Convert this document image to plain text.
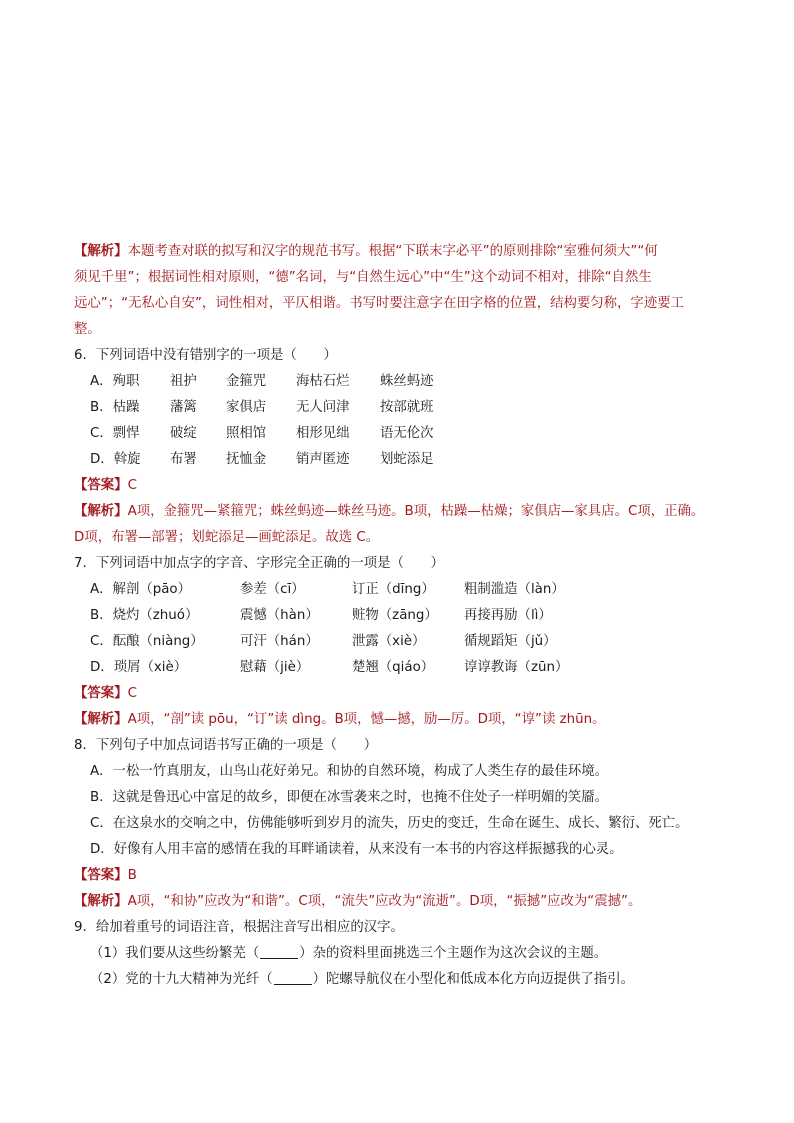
【解析】本题考查对联的拟写和汉字的规范书写。根据“下联末字必平”的原则排除“室雅何须大”“何
须见千里”；根据词性相对原则，“德”名词，与“自然生远心”中“生”这个动词不相对，排除“自然生
远心”；“无私心自安”，词性相对，平仄相谐。书写时要注意字在田字格的位置，结构要匀称，字迹要工
整。
6．下列词语中没有错别字的一项是（　　）
A．殉职 祖护 金箍咒 海枯石烂 蛛丝蚂迹
B．枯躁 藩篱 家俱店 无人问津 按部就班
C．剽悍 破绽 照相馆 相形见绌 语无伦次
D．斡旋 布署 抚恤金 销声匿迹 划蛇添足
【答案】C
【解析】A项，金箍咒—紧箍咒；蛛丝蚂迹—蛛丝马迹。B项，枯躁—枯燥；家俱店—家具店。C项，正确。
D项，布署—部署；划蛇添足—画蛇添足。故选 C。
7．下列词语中加点字的字音、字形完全正确的一项是（　　）
A．解剖（pāo）	参差（cī）	订正（dīng） 粗制滥造（làn）
B．烧灼（zhuó）	震憾（hàn） 赃物（zāng） 再接再励（lì）
C．酝酿（niàng）	可汗（hán） 泄露（xiè）	循规蹈矩（jǔ）
D．琐屑（xiè）	慰藉（jiè）	楚翘（qiáo） 谆谆教诲（zūn）
【答案】C
【解析】A项，“剖”读 pōu，“订”读 dìng。B项，憾—撼，励—厉。D项，“谆”读 zhūn。
8．下列句子中加点词语书写正确的一项是（　　）
A．一松一竹真朋友，山鸟山花好弟兄。和协的自然环境，构成了人类生存的最佳环境。
B．这就是鲁迅心中富足的故乡，即便在冰雪袭来之时，也掩不住处子一样明媚的笑靥。
C．在这泉水的交响之中，仿佛能够听到岁月的流失，历史的变迁，生命在诞生、成长、繁衍、死亡。
D．好像有人用丰富的感情在我的耳畔诵读着，从来没有一本书的内容这样振撼我的心灵。
【答案】B
【解析】A项，“和协”应改为“和谐”。C项，“流失”应改为“流逝”。D项，“振撼”应改为“震撼”。
9．给加着重号的词语注音，根据注音写出相应的汉字。
（1）我们要从这些纷繁芜（	）杂的资料里面挑选三个主题作为这次会议的主题。
（2）党的十九大精神为光纤（	）陀螺导航仪在小型化和低成本化方向迈提供了指引。
